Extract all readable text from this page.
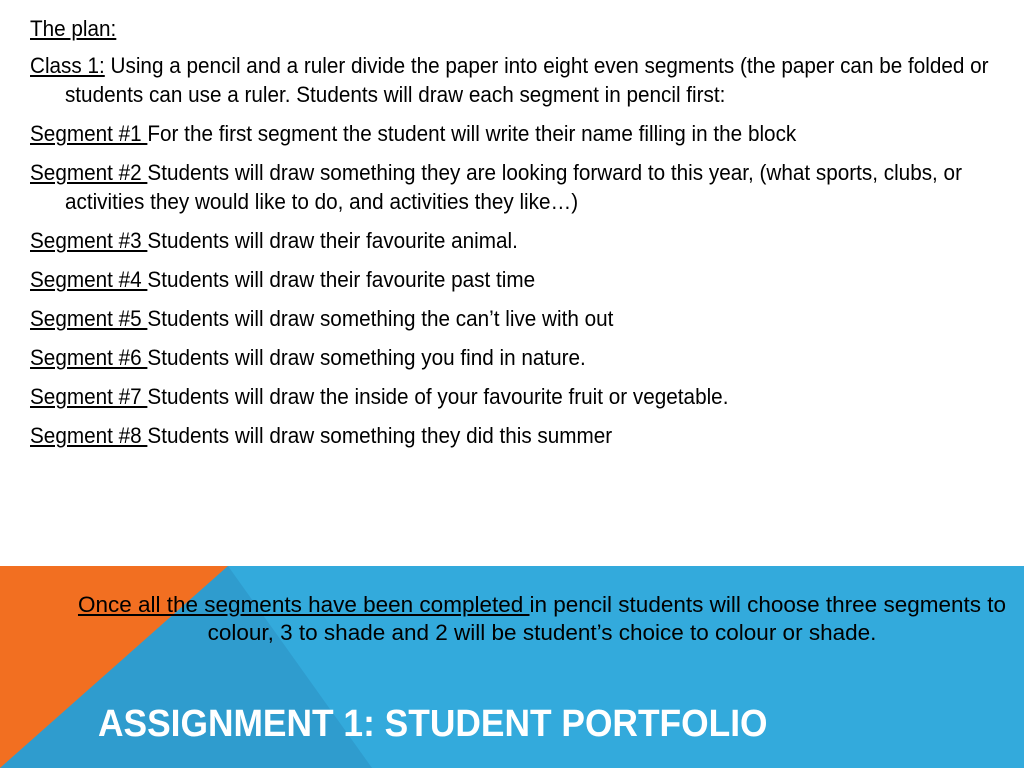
The plan:

Class 1: Using a pencil and a ruler divide the paper into eight even segments (the paper can be folded or students can use a ruler. Students will draw each segment in pencil first:

Segment #1 For the first segment the student will write their name filling in the block

Segment #2 Students will draw something they are looking forward to this year, (what sports, clubs, or activities they would like to do, and activities they like…)

Segment #3 Students will draw their favourite animal.

Segment #4 Students will draw their favourite past time

Segment #5 Students will draw something the can’t live with out

Segment #6 Students will draw something you find in nature.

Segment #7 Students will draw the inside of your favourite fruit or vegetable.

Segment #8 Students will draw something they did this summer

Once all the segments have been completed in pencil students will choose three segments to colour, 3 to shade and 2 will be student’s choice to colour or shade.
ASSIGNMENT 1: STUDENT PORTFOLIO
